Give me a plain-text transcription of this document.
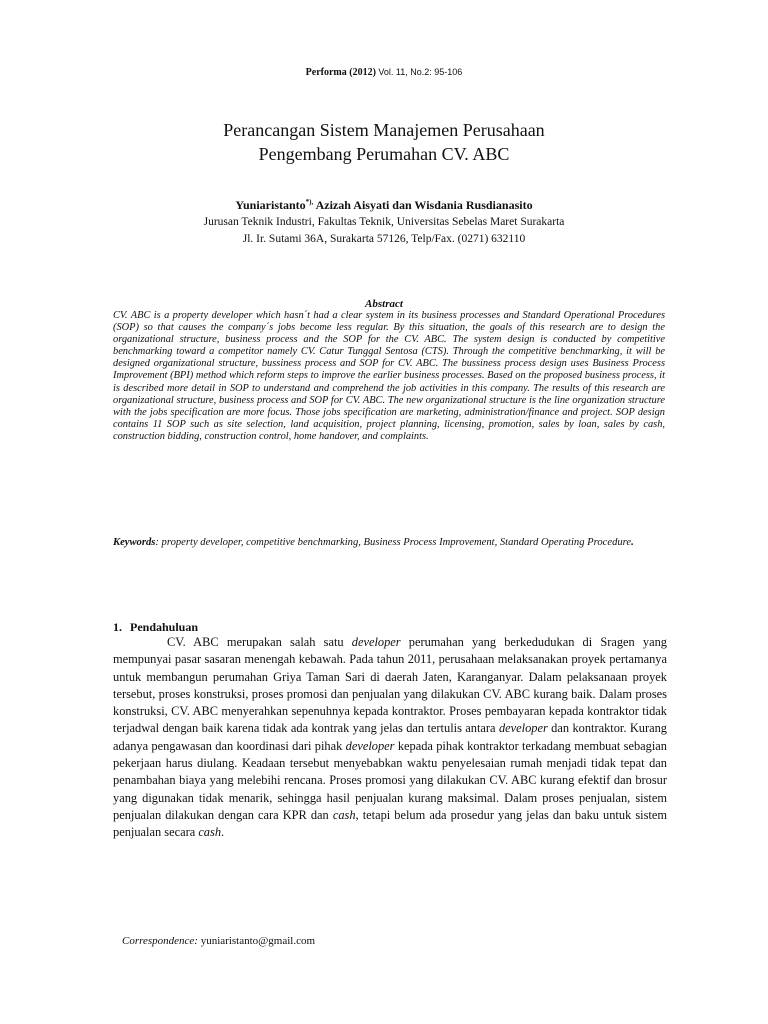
Performa (2012) Vol. 11, No.2: 95-106
Perancangan Sistem Manajemen Perusahaan
Pengembang Perumahan CV. ABC
Yuniaristanto*), Azizah Aisyati dan Wisdania Rusdianasito
Jurusan Teknik Industri, Fakultas Teknik, Universitas Sebelas Maret Surakarta
Jl. Ir. Sutami 36A, Surakarta 57126, Telp/Fax. (0271) 632110
Abstract

CV. ABC is a property developer which hasn´t had a clear system in its business processes and Standard Operational Procedures (SOP) so that causes the company´s jobs become less regular. By this situation, the goals of this research are to design the organizational structure, business process and the SOP for the CV. ABC. The system design is conducted by competitive benchmarking toward a competitor namely CV. Catur Tunggal Sentosa (CTS). Through the competitive benchmarking, it will be designed organizational structure, bussiness process and SOP for CV. ABC. The bussiness process design uses Business Process Improvement (BPI) method which reform steps to improve the earlier business processes. Based on the proposed business process, it is described more detail in SOP to understand and comprehend the job activities in this company. The results of this research are organizational structure, business process and SOP for CV. ABC. The new organizational structure is the line organization structure with the jobs specification are more focus. Those jobs specification are marketing, administration/finance and project. SOP design contains 11 SOP such as site selection, land acquisition, project planning, licensing, promotion, sales by loan, sales by cash, construction bidding, construction control, home handover, and complaints.

Keywords: property developer, competitive benchmarking, Business Process Improvement, Standard Operating Procedure.

1. Pendahuluan

CV. ABC merupakan salah satu developer perumahan yang berkedudukan di Sragen yang mempunyai pasar sasaran menengah kebawah. Pada tahun 2011, perusahaan melaksanakan proyek pertamanya untuk membangun perumahan Griya Taman Sari di daerah Jaten, Karanganyar. Dalam pelaksanaan proyek tersebut, proses konstruksi, proses promosi dan penjualan yang dilakukan CV. ABC kurang baik. Dalam proses konstruksi, CV. ABC menyerahkan sepenuhnya kepada kontraktor. Proses pembayaran kepada kontraktor tidak terjadwal dengan baik karena tidak ada kontrak yang jelas dan tertulis antara developer dan kontraktor. Kurang adanya pengawasan dan koordinasi dari pihak developer kepada pihak kontraktor terkadang membuat sebagian pekerjaan harus diulang. Keadaan tersebut menyebabkan waktu penyelesaian rumah menjadi tidak tepat dan penambahan biaya yang melebihi rencana. Proses promosi yang dilakukan CV. ABC kurang efektif dan brosur yang digunakan tidak menarik, sehingga hasil penjualan kurang maksimal. Dalam proses penjualan, sistem penjualan dilakukan dengan cara KPR dan cash, tetapi belum ada prosedur yang jelas dan baku untuk sistem penjualan secara cash.

Correspondence: yuniaristanto@gmail.com
